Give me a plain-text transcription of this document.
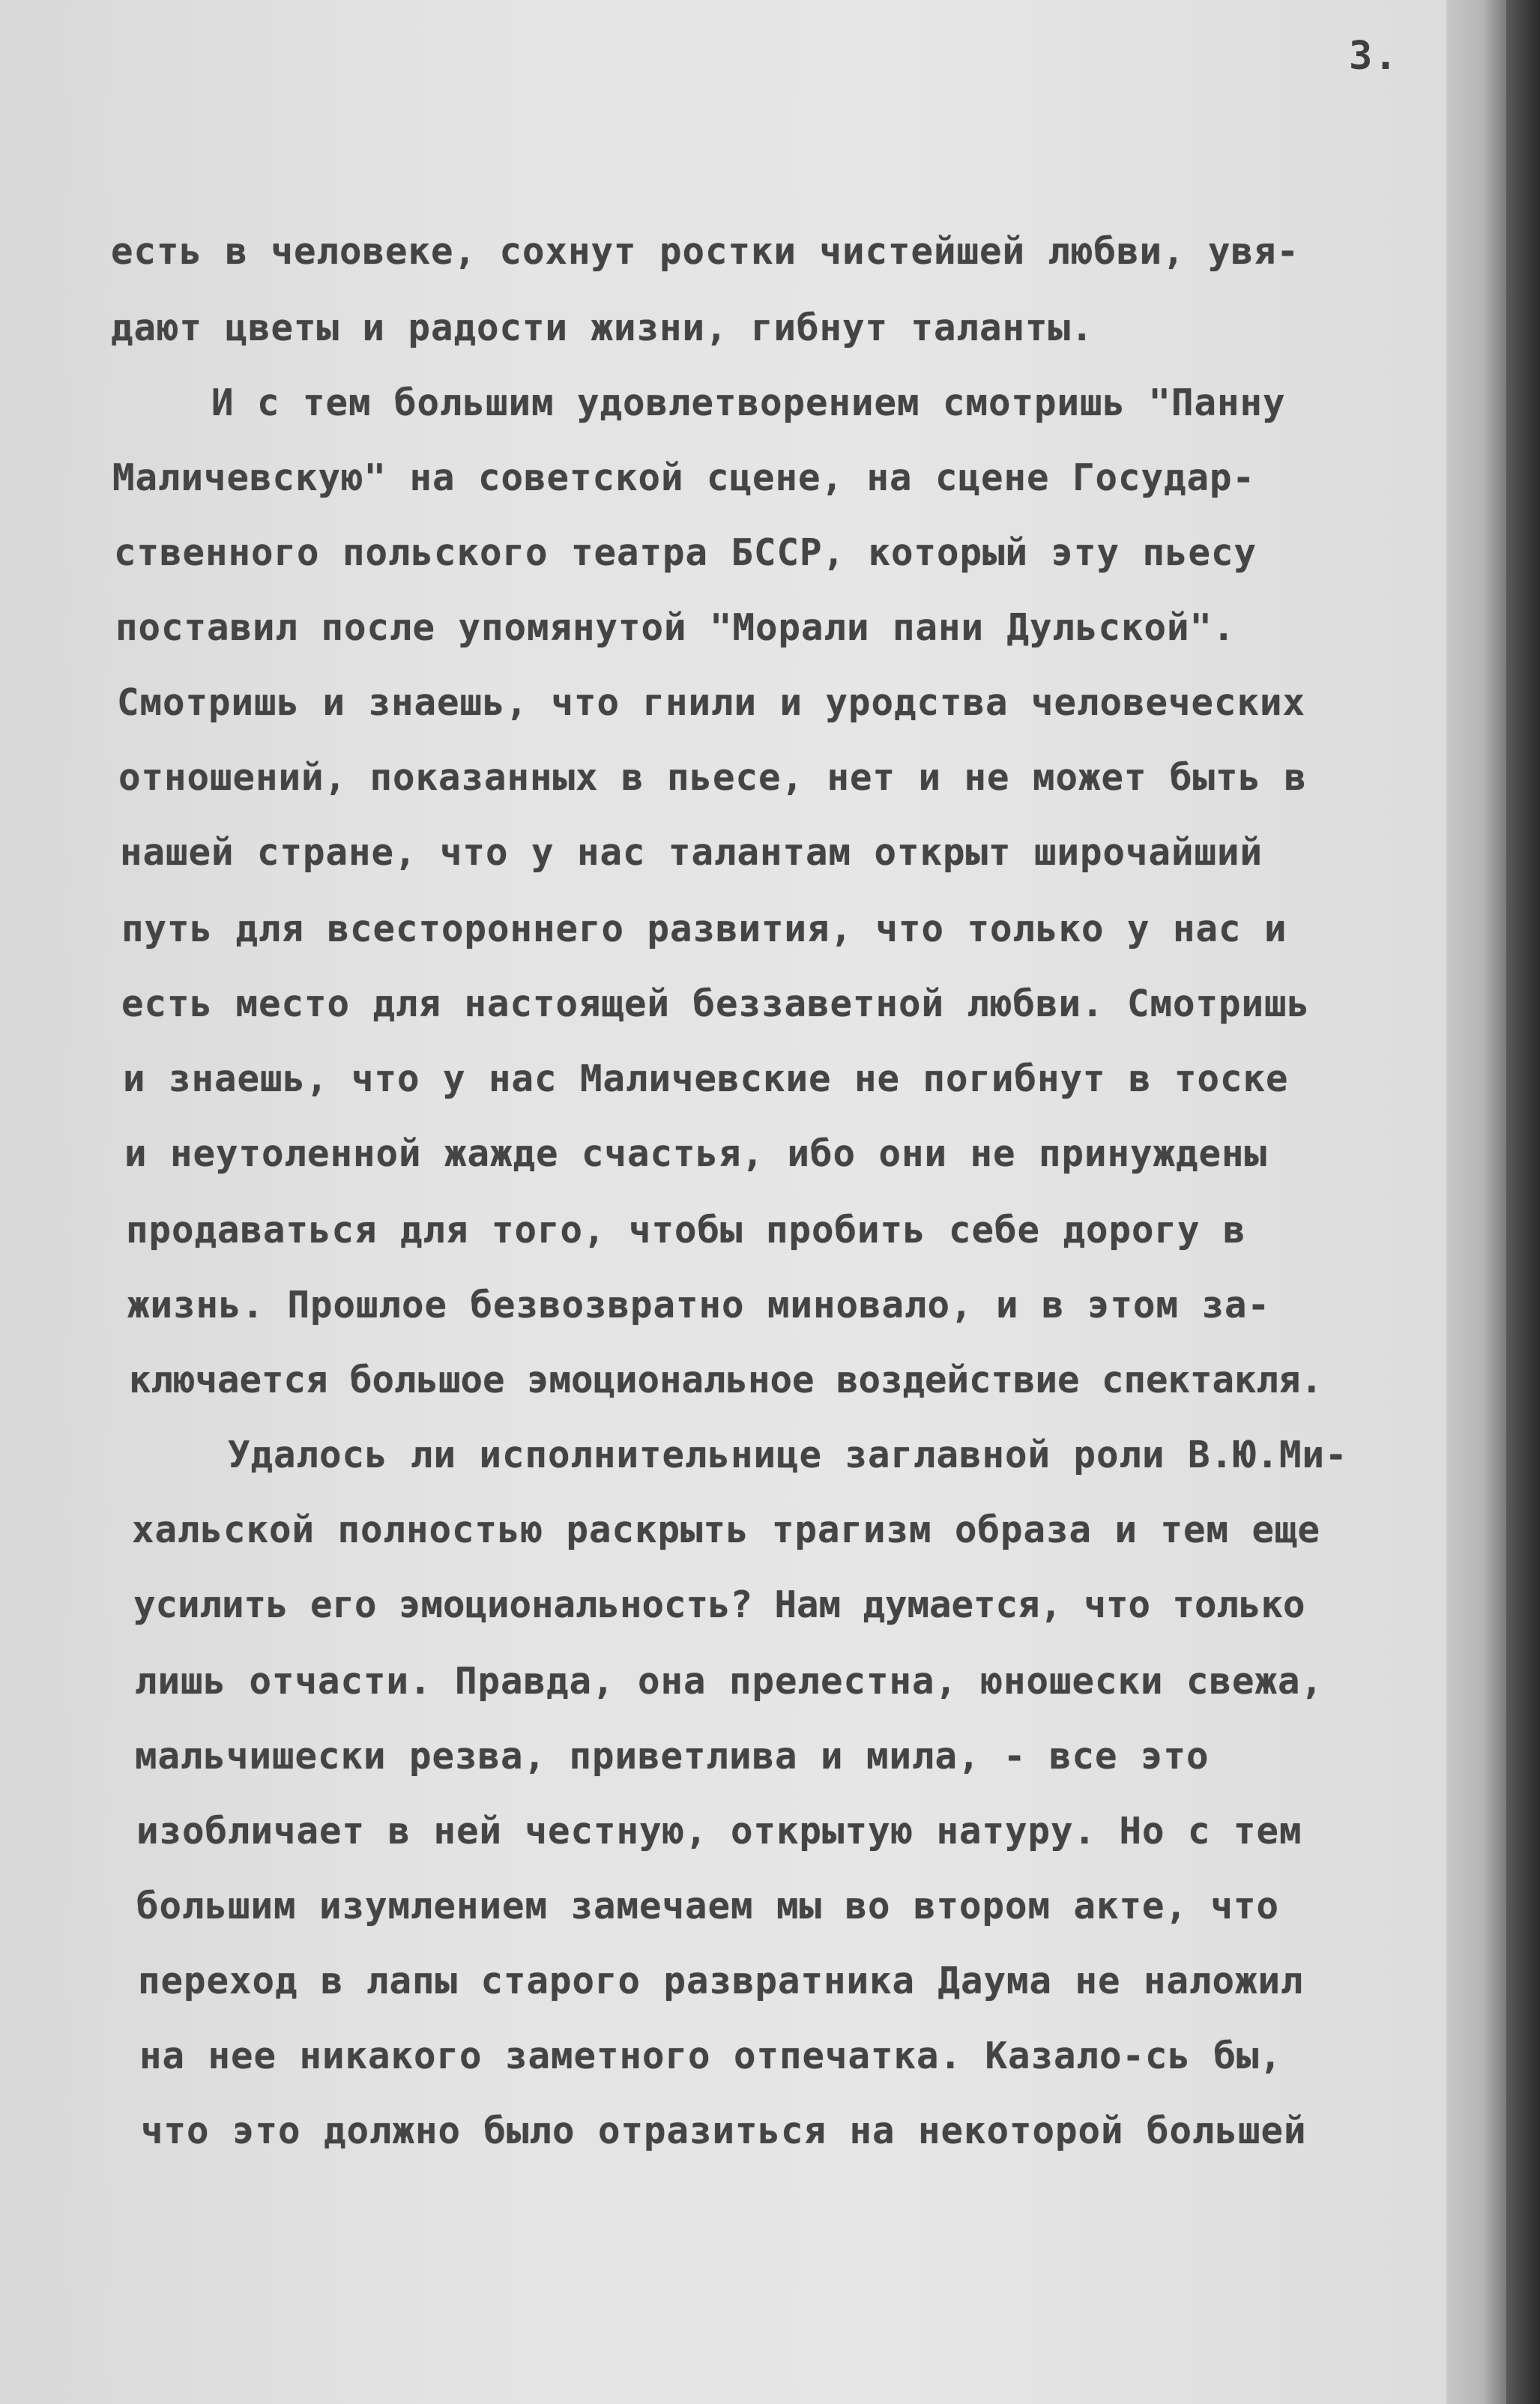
3.
есть в человеке, сохнут ростки чистейшей любви, увя-
дают цветы и радости жизни, гибнут таланты.
И с тем большим удовлетворением смотришь "Панну
Маличевскую" на советской сцене, на сцене Государ-
ственного польского театра БССР, который эту пьесу
поставил после упомянутой "Морали пани Дульской".
Смотришь и знаешь, что гнили и уродства человеческих
отношений, показанных в пьесе, нет и не может быть в
нашей стране, что у нас талантам открыт широчайший
путь для всестороннего развития, что только у нас и
есть место для настоящей беззаветной любви. Смотришь
и знаешь, что у нас Маличевские не погибнут в тоске
и неутоленной жажде счастья, ибо они не принуждены
продаваться для того, чтобы пробить себе дорогу в
жизнь. Прошлое безвозвратно миновало, и в этом за-
ключается большое эмоциональное воздействие спектакля.
Удалось ли исполнительнице заглавной роли В.Ю.Ми-
хальской полностью раскрыть трагизм образа и тем еще
усилить его эмоциональность? Нам думается, что только
лишь отчасти. Правда, она прелестна, юношески свежа,
мальчишески резва, приветлива и мила, - все это
изобличает в ней честную, открытую натуру. Но с тем
большим изумлением замечаем мы во втором акте, что
переход в лапы старого развратника Даума не наложил
на нее никакого заметного отпечатка. Казало-сь бы,
что это должно было отразиться на некоторой большей
